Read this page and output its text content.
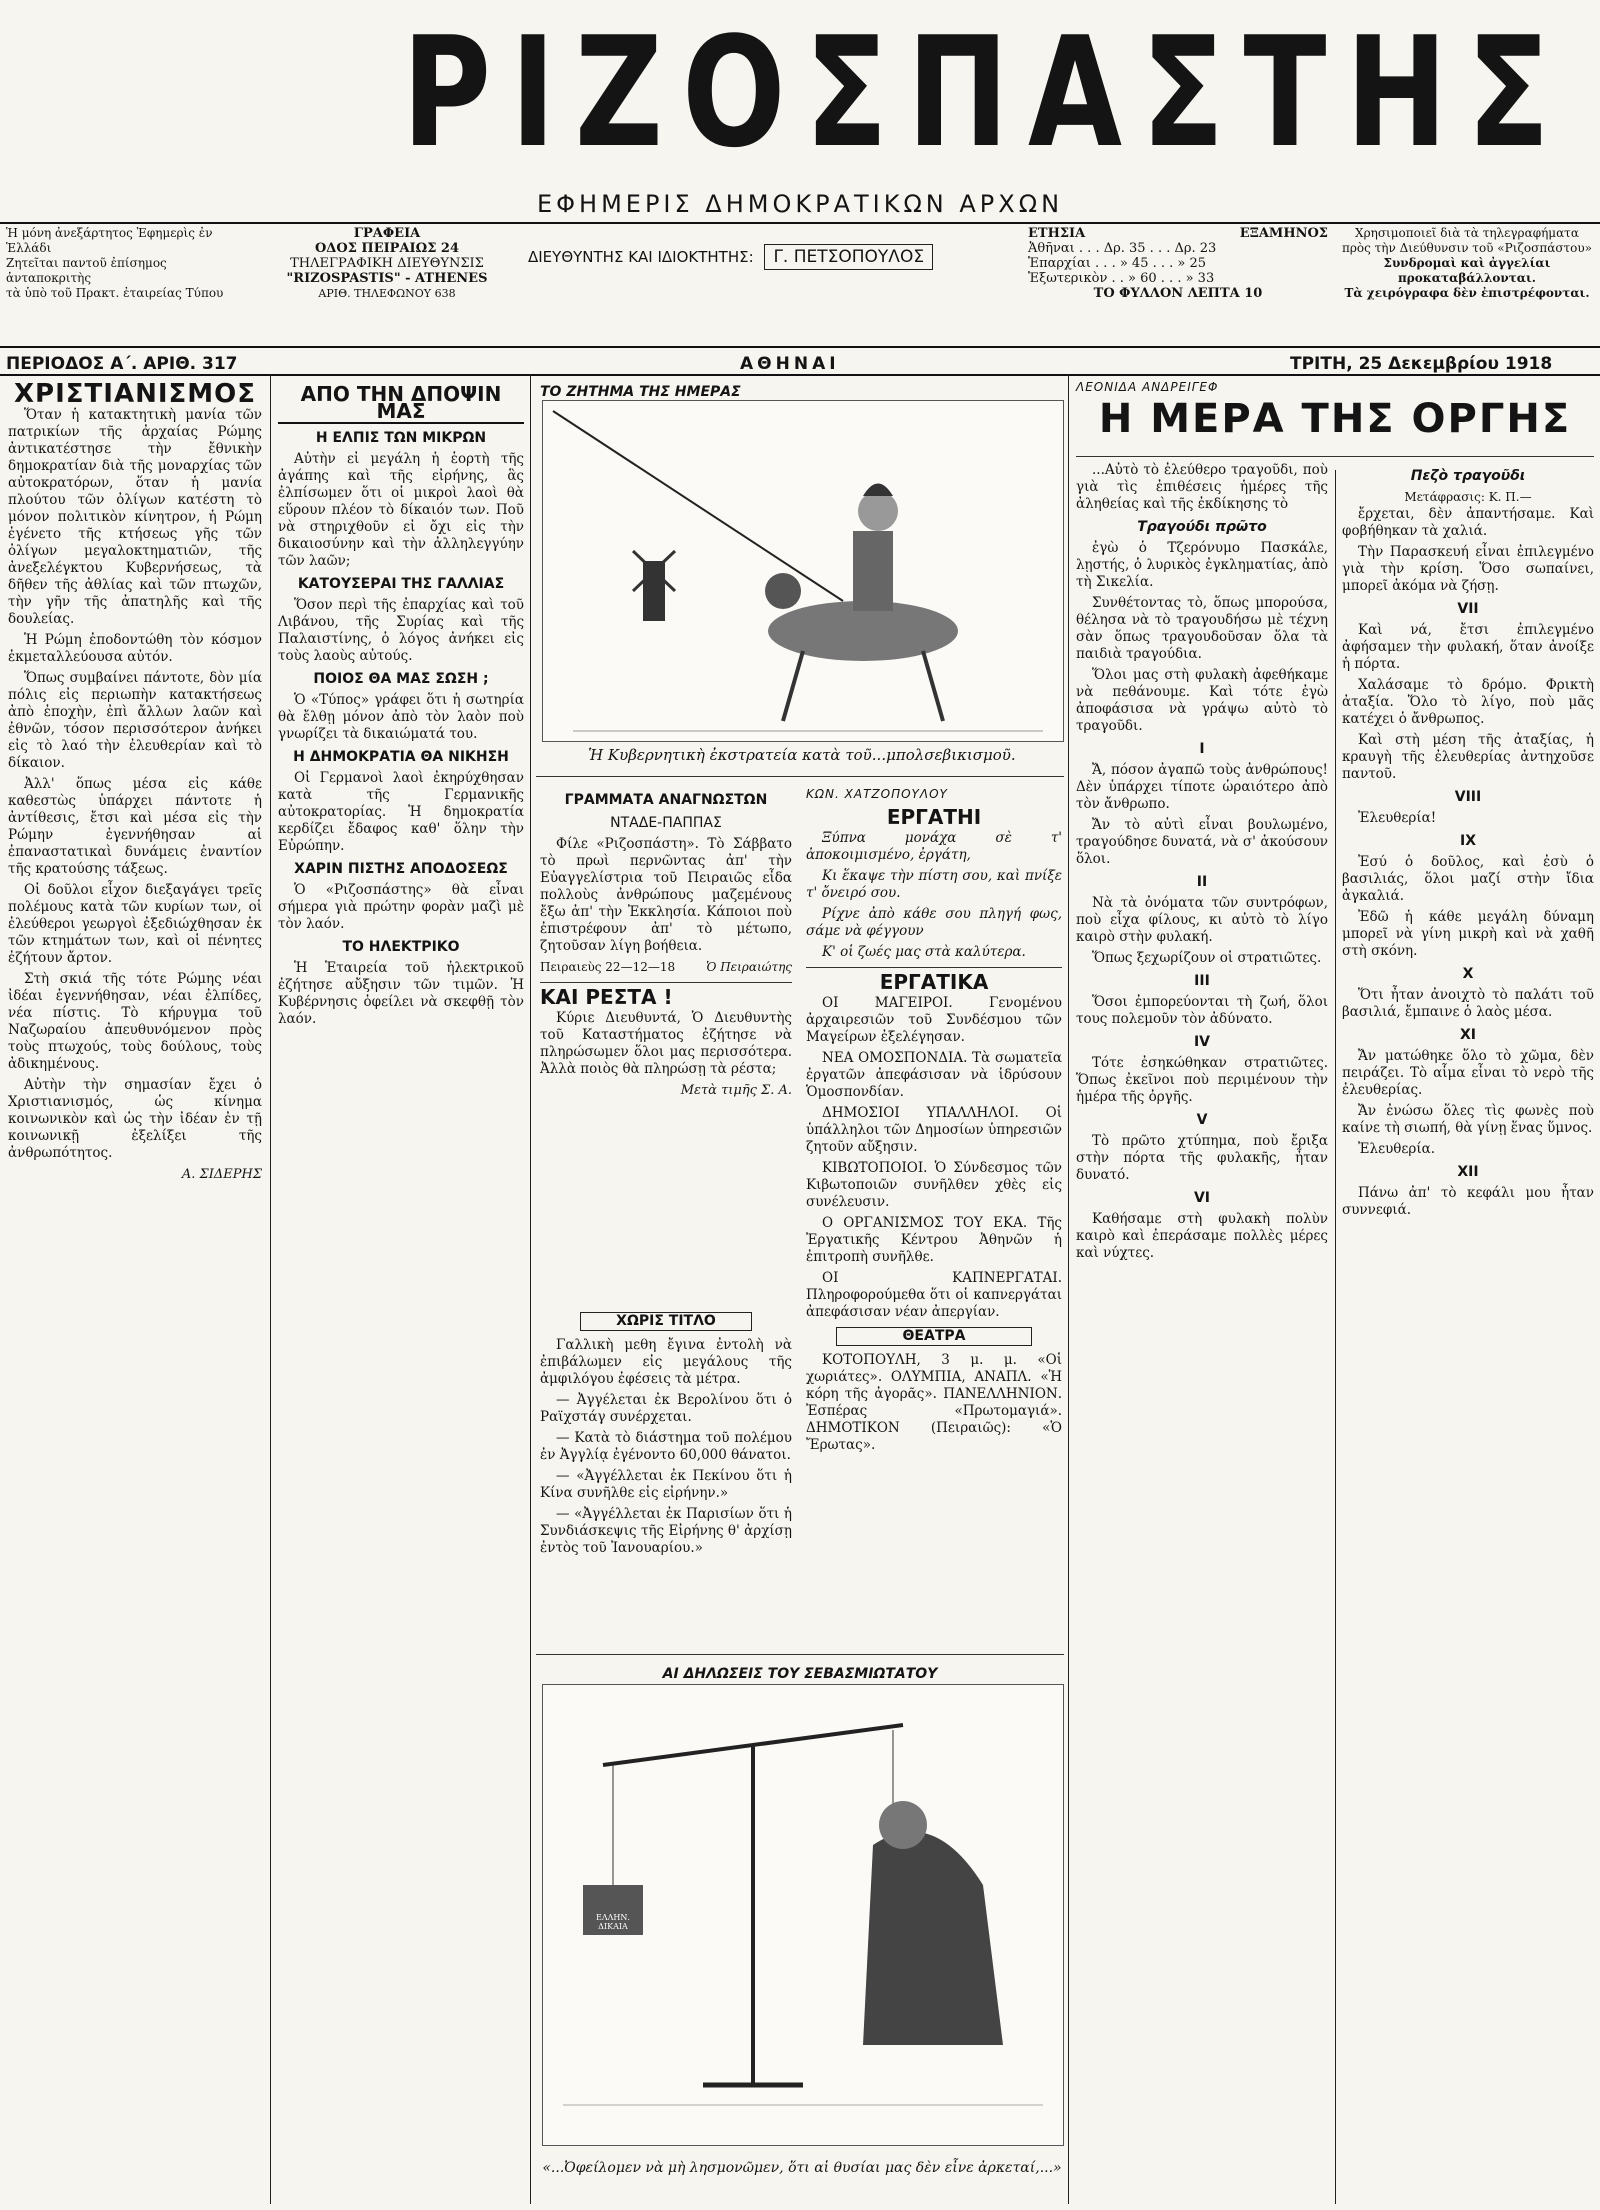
ΡΙΖΟΣΠΑΣΤΗΣ
ΕΦΗΜΕΡΙΣ ΔΗΜΟΚΡΑΤΙΚΩΝ ΑΡΧΩΝ
Ἡ μόνη ἀνεξάρτητος Ἐφημερὶς ἐν Ἑλλάδι
Ζητεῖται παντοῦ ἐπίσημος ἀνταποκριτὴς
τὰ ὑπὸ τοῦ Πρακτ. ἐταιρείας Τύπου
ΓΡΑΦΕΙΑ
ΟΔΟΣ ΠΕΙΡΑΙΩΣ 24
ΤΗΛΕΓΡΑΦΙΚΗ ΔΙΕΥΘΥΝΣΙΣ
"RIZOSPASTIS" - ATHENES
ΑΡΙΘ. ΤΗΛΕΦΩΝΟΥ 638
ΔΙΕΥΘΥΝΤΗΣ ΚΑΙ ΙΔΙΟΚΤΗΤΗΣ: Γ. ΠΕΤΣΟΠΟΥΛΟΣ
ΕΤΗΣΙΑ	ΕΞΑΜΗΝΟΣ
Ἀθῆναι . . . Δρ. 35 . . . Δρ. 23
Ἐπαρχίαι . . . » 45 . . . » 25
Ἐξωτερικὸν . . » 60 . . . » 33
ΤΟ ΦΥΛΛΟΝ ΛΕΠΤΑ 10
Χρησιμοποιεῖ διὰ τὰ τηλεγραφήματα πρὸς τὴν Διεύθυνσιν τοῦ «Ριζοσπάστου»
Συνδρομαὶ καὶ ἀγγελίαι προκαταβάλλονται.
Τὰ χειρόγραφα δὲν ἐπιστρέφονται.
ΠΕΡΙΟΔΟΣ Α΄. ΑΡΙΘ. 317	ΑΘΗΝΑΙ	ΤΡΙΤΗ, 25 Δεκεμβρίου 1918
ΧΡΙΣΤΙΑΝΙΣΜΟΣ

Ὅταν ἡ κατακτητικὴ μανία τῶν πατρικίων τῆς ἀρχαίας Ρώμης ἀντικατέστησε τὴν ἔθνικὴν δημοκρατίαν διὰ τῆς μοναρχίας τῶν αὐτοκρατόρων, ὅταν ἡ μανία πλούτου τῶν ὀλίγων κατέστη τὸ μόνον πολιτικὸν κίνητρον, ἡ Ρώμη ἐγένετο τῆς κτήσεως γῆς τῶν ὀλίγων μεγαλοκτηματιῶν, τῆς ἀνεξελέγκτου Κυβερνήσεως, τὰ δῆθεν τῆς ἀθλίας καὶ τῶν πτωχῶν, τὴν γῆν τῆς ἀπατηλῆς καὶ τῆς δουλείας.

Ἡ Ρώμη ἐποδοντώθη τὸν κόσμον ἐκμεταλλεύουσα αὐτόν.

Ὅπως συμβαίνει πάντοτε, δὸν μία πόλις εἰς περιωπὴν κατακτήσεως ἀπὸ ἐποχὴν, ἐπὶ ἄλλων λαῶν καὶ ἐθνῶν, τόσον περισσότερον ἀνήκει εἰς τὸ λαό τὴν ἐλευθερίαν καὶ τὸ δίκαιον.

Ἀλλ' ὅπως μέσα εἰς κάθε καθεστὼς ὑπάρχει πάντοτε ἡ ἀντίθεσις, ἔτσι καὶ μέσα εἰς τὴν Ρώμην ἐγεννήθησαν αἱ ἐπαναστατικαὶ δυνάμεις ἐναντίον τῆς κρατούσης τάξεως.

Οἱ δοῦλοι εἶχον διεξαγάγει τρεῖς πολέμους κατὰ τῶν κυρίων των, οἱ ἐλεύθεροι γεωργοὶ ἐξεδιώχθησαν ἐκ τῶν κτημάτων των, καὶ οἱ πένητες ἐζήτουν ἄρτον.

Στὴ σκιά τῆς τότε Ρώμης νέαι ἰδέαι ἐγεννήθησαν, νέαι ἐλπίδες, νέα πίστις. Τὸ κήρυγμα τοῦ Ναζωραίου ἀπευθυνόμενον πρὸς τοὺς πτωχούς, τοὺς δούλους, τοὺς ἀδικημένους.

Αὐτὴν τὴν σημασίαν ἔχει ὁ Χριστιανισμός, ὡς κίνημα κοινωνικὸν καὶ ὡς τὴν ἰδέαν ἐν τῇ κοινωνικῇ ἐξελίξει τῆς ἀνθρωπότητος.

Α. ΣΙΔΕΡΗΣ
ΑΠΟ ΤΗΝ ΔΠΟΨΙΝ ΜΑΣ
Η ΕΛΠΙΣ ΤΩΝ ΜΙΚΡΩΝ

Αὐτὴν εἰ μεγάλη ἡ ἑορτὴ τῆς ἀγάπης καὶ τῆς εἰρήνης, ἃς ἐλπίσωμεν ὅτι οἱ μικροὶ λαοὶ θὰ εὕρουν πλέον τὸ δίκαιόν των. Ποῦ νὰ στηριχθοῦν εἰ ὄχι εἰς τὴν δικαιοσύνην καὶ τὴν ἀλληλεγγύην τῶν λαῶν;

ΚΑΤΟΥΣΕΡΑΙ ΤΗΣ ΓΑΛΛΙΑΣ

Ὅσον περὶ τῆς ἐπαρχίας καὶ τοῦ Λιβάνου, τῆς Συρίας καὶ τῆς Παλαιστίνης, ὁ λόγος ἀνήκει εἰς τοὺς λαοὺς αὐτούς.

ΠΟΙΟΣ ΘΑ ΜΑΣ ΣΩΣΗ ;

Ὁ «Τύπος» γράφει ὅτι ἡ σωτηρία θὰ ἔλθῃ μόνον ἀπὸ τὸν λαὸν ποὺ γνωρίζει τὰ δικαιώματά του.

Η ΔΗΜΟΚΡΑΤΙΑ ΘΑ ΝΙΚΗΣΗ

Οἱ Γερμανοὶ λαοὶ ἐκηρύχθησαν κατὰ τῆς Γερμανικῆς αὐτοκρατορίας. Ἡ δημοκρατία κερδίζει ἔδαφος καθ' ὅλην τὴν Εὐρώπην.

ΧΑΡΙΝ ΠΙΣΤΗΣ ΑΠΟΔΟΣΕΩΣ

Ὁ «Ριζοσπάστης» θὰ εἶναι σήμερα γιὰ πρώτην φορὰν μαζὶ μὲ τὸν λαόν.

ΤΟ ΗΛΕΚΤΡΙΚΟ

Ἡ Ἑταιρεία τοῦ ἠλεκτρικοῦ ἐζήτησε αὔξησιν τῶν τιμῶν. Ἡ Κυβέρνησις ὀφείλει νὰ σκεφθῇ τὸν λαόν.

ΤΟ ΖΗΤΗΜΑ ΤΗΣ ΗΜΕΡΑΣ
Ἡ Κυβερνητικὴ ἐκστρατεία κατὰ τοῦ...μπολσεβικισμοῦ.
ΓΡΑΜΜΑΤΑ ΑΝΑΓΝΩΣΤΩΝ
ΝΤΑΔΕ-ΠΑΠΠΑΣ

Φίλε «Ριζοσπάστη». Τὸ Σάββατο τὸ πρωὶ περνῶντας ἀπ' τὴν Εὐαγγελίστρια τοῦ Πειραιῶς εἶδα πολλοὺς ἀνθρώπους μαζεμένους ἔξω ἀπ' τὴν Ἐκκλησία. Κάποιοι ποὺ ἐπιστρέφουν ἀπ' τὸ μέτωπο, ζητοῦσαν λίγη βοήθεια.

Πειραιεὺς 22—12—18	Ὁ Πειραιώτης
ΚΑΙ ΡΕΣΤΑ !

Κύριε Διευθυντά, Ὁ Διευθυντὴς τοῦ Καταστήματος ἐζήτησε νὰ πληρώσωμεν ὅλοι μας περισσότερα. Ἀλλὰ ποιὸς θὰ πληρώσῃ τὰ ρέστα;

Μετὰ τιμῆς Σ. Α.
ΚΩΝ. ΧΑΤΖΟΠΟΥΛΟΥ
ΕΡΓΑΤΗΙ

Ξύπνα μονάχα σὲ τ' ἀποκοιμισμένο, ἐργάτη,

Κι ἕκαψε τὴν πίστη σου, καὶ πνίξε τ' ὄνειρό σου.

Ρίχνε ἀπὸ κάθε σου πληγή φως, σάμε νὰ φέγγουν

Κ' οἱ ζωές μας στὰ καλύτερα.

ΕΡΓΑΤΙΚΑ

ΟΙ ΜΑΓΕΙΡΟΙ. Γενομένου ἀρχαιρεσιῶν τοῦ Συνδέσμου τῶν Μαγείρων ἐξελέγησαν.

ΝΕΑ ΟΜΟΣΠΟΝΔΙΑ. Τὰ σωματεῖα ἐργατῶν ἀπεφάσισαν νὰ ἱδρύσουν Ὁμοσπονδίαν.

ΔΗΜΟΣΙΟΙ ΥΠΑΛΛΗΛΟΙ. Οἱ ὑπάλληλοι τῶν Δημοσίων ὑπηρεσιῶν ζητοῦν αὔξησιν.

ΚΙΒΩΤΟΠΟΙΟΙ. Ὁ Σύνδεσμος τῶν Κιβωτοποιῶν συνῆλθεν χθὲς εἰς συνέλευσιν.

Ο ΟΡΓΑΝΙΣΜΟΣ ΤΟΥ ΕΚΑ. Τῆς Ἐργατικῆς Κέντρου Ἀθηνῶν ἡ ἐπιτροπὴ συνῆλθε.

ΟΙ ΚΑΠΝΕΡΓΑΤΑΙ. Πληροφορούμεθα ὅτι οἱ καπνεργάται ἀπεφάσισαν νέαν ἀπεργίαν.

ΘΕΑΤΡΑ

ΚΟΤΟΠΟΥΛΗ, 3 μ. μ. «Οἱ χωριάτες». ΟΛΥΜΠΙΑ, ΑΝΑΠΛ. «Ἡ κόρη τῆς ἀγορᾶς». ΠΑΝΕΛΛΗΝΙΟΝ. Ἐσπέρας «Πρωτομαγιά». ΔΗΜΟΤΙΚΟΝ (Πειραιῶς): «Ὁ Ἔρωτας».

ΧΩΡΙΣ ΤΙΤΛΟ

Γαλλικὴ μεθη ἔγινα ἐντολὴ νὰ ἐπιβάλωμεν εἰς μεγάλους τῆς ἀμφιλόγου ἐφέσεις τὰ μέτρα.

— Ἀγγέλεται ἐκ Βερολίνου ὅτι ὁ Ραϊχστάγ συνέρχεται.

— Κατὰ τὸ διάστημα τοῦ πολέμου ἐν Ἀγγλίᾳ ἐγένοντο 60,000 θάνατοι.

— «Ἀγγέλλεται ἐκ Πεκίνου ὅτι ἡ Κίνα συνῆλθε εἰς εἰρήνην.»

— «Ἀγγέλλεται ἐκ Παρισίων ὅτι ἡ Συνδιάσκεψις τῆς Εἰρήνης θ' ἀρχίσῃ ἐντὸς τοῦ Ἰανουαρίου.»

ΑΙ ΔΗΛΩΣΕΙΣ ΤΟΥ ΣΕΒΑΣΜΙΩΤΑΤΟΥ
ΕΛΛΗΝ. ΔΙΚΑΙΑ
«...Ὀφείλομεν νὰ μὴ λησμονῶμεν, ὅτι αἱ θυσίαι μας δὲν εἶνε ἀρκεταί,...»
ΛΕΟΝΙΔΑ ΑΝΔΡΕΙΓΕΦ
Η ΜΕΡΑ ΤΗΣ ΟΡΓΗΣ

...Αὐτὸ τὸ ἐλεύθερο τραγοῦδι, ποὺ γιὰ τὶς ἐπιθέσεις ἡμέρες τῆς ἀληθείας καὶ τῆς ἐκδίκησης τὸ

Τραγούδι πρῶτο

ἐγὼ ὁ Τζερόνυμο Πασκάλε, λῃστής, ὁ λυρικὸς ἐγκληματίας, ἀπὸ τὴ Σικελία.

Συνθέτοντας τὸ, ὅπως μπορούσα, θέλησα νὰ τὸ τραγουδήσω μὲ τέχνη σὰν ὅπως τραγουδοῦσαν ὅλα τὰ παιδιὰ τραγούδια.

Ὅλοι μας στὴ φυλακὴ ἀφεθήκαμε νὰ πεθάνουμε. Καὶ τότε ἐγὼ ἀποφάσισα νὰ γράψω αὐτὸ τὸ τραγοῦδι.

I

Ἄ, πόσον ἀγαπῶ τοὺς ἀνθρώπους! Δὲν ὑπάρχει τίποτε ὡραιότερο ἀπὸ τὸν ἄνθρωπο.

Ἄν τὸ αὐτὶ εἶναι βουλωμένο, τραγούδησε δυνατά, νὰ σ' ἀκούσουν ὅλοι.

II

Νὰ τὰ ὀνόματα τῶν συντρόφων, ποὺ εἶχα φίλους, κι αὐτὸ τὸ λίγο καιρὸ στὴν φυλακή.

Ὅπως ξεχωρίζουν οἱ στρατιῶτες.

III

Ὅσοι ἐμπορεύονται τὴ ζωή, ὅλοι τους πολεμοῦν τὸν ἀδύνατο.

IV

Τότε ἐσηκώθηκαν στρατιῶτες. Ὅπως ἐκεῖνοι ποὺ περιμένουν τὴν ἡμέρα τῆς ὀργῆς.

V

Τὸ πρῶτο χτύπημα, ποὺ ἔριξα στὴν πόρτα τῆς φυλακῆς, ἦταν δυνατό.

VI

Καθήσαμε στὴ φυλακὴ πολὺν καιρὸ καὶ ἐπεράσαμε πολλὲς μέρες καὶ νύχτες.

Πεζὸ τραγοῦδι
Μετάφρασις: Κ. Π.—

ἔρχεται, δὲν ἀπαντήσαμε. Καὶ φοβήθηκαν τὰ χαλιά.

Τὴν Παρασκευή εἶναι ἐπιλεγμένο γιὰ τὴν κρίση. Ὅσο σωπαίνει, μπορεῖ ἀκόμα νὰ ζήσῃ.

VII

Καὶ νά, ἔτσι ἐπιλεγμένο ἀφήσαμεν τὴν φυλακή, ὅταν ἀνοίξε ἡ πόρτα.

Χαλάσαμε τὸ δρόμο. Φρικτὴ ἀταξία. Ὅλο τὸ λίγο, ποὺ μᾶς κατέχει ὁ ἄνθρωπος.

Καὶ στὴ μέση τῆς ἀταξίας, ἡ κραυγὴ τῆς ἐλευθερίας ἀντηχοῦσε παντοῦ.

VIII

Ἐλευθερία!

IX

Ἐσύ ὁ δοῦλος, καὶ ἐσὺ ὁ βασιλιάς, ὅλοι μαζί στὴν ἴδια ἀγκαλιά.

Ἐδῶ ἡ κάθε μεγάλη δύναμη μπορεῖ νὰ γίνη μικρὴ καὶ νὰ χαθῆ στὴ σκόνη.

X

Ὅτι ἦταν ἀνοιχτὸ τὸ παλάτι τοῦ βασιλιά, ἔμπαινε ὁ λαὸς μέσα.

XI

Ἄν ματώθηκε ὅλο τὸ χῶμα, δὲν πειράζει. Τὸ αἷμα εἶναι τὸ νερὸ τῆς ἐλευθερίας.

Ἄν ἐνώσω ὅλες τὶς φωνὲς ποὺ καίνε τὴ σιωπή, θὰ γίνῃ ἕνας ὕμνος.

Ἐλευθερία.

XII

Πάνω ἀπ' τὸ κεφάλι μου ἦταν συννεφιά.
